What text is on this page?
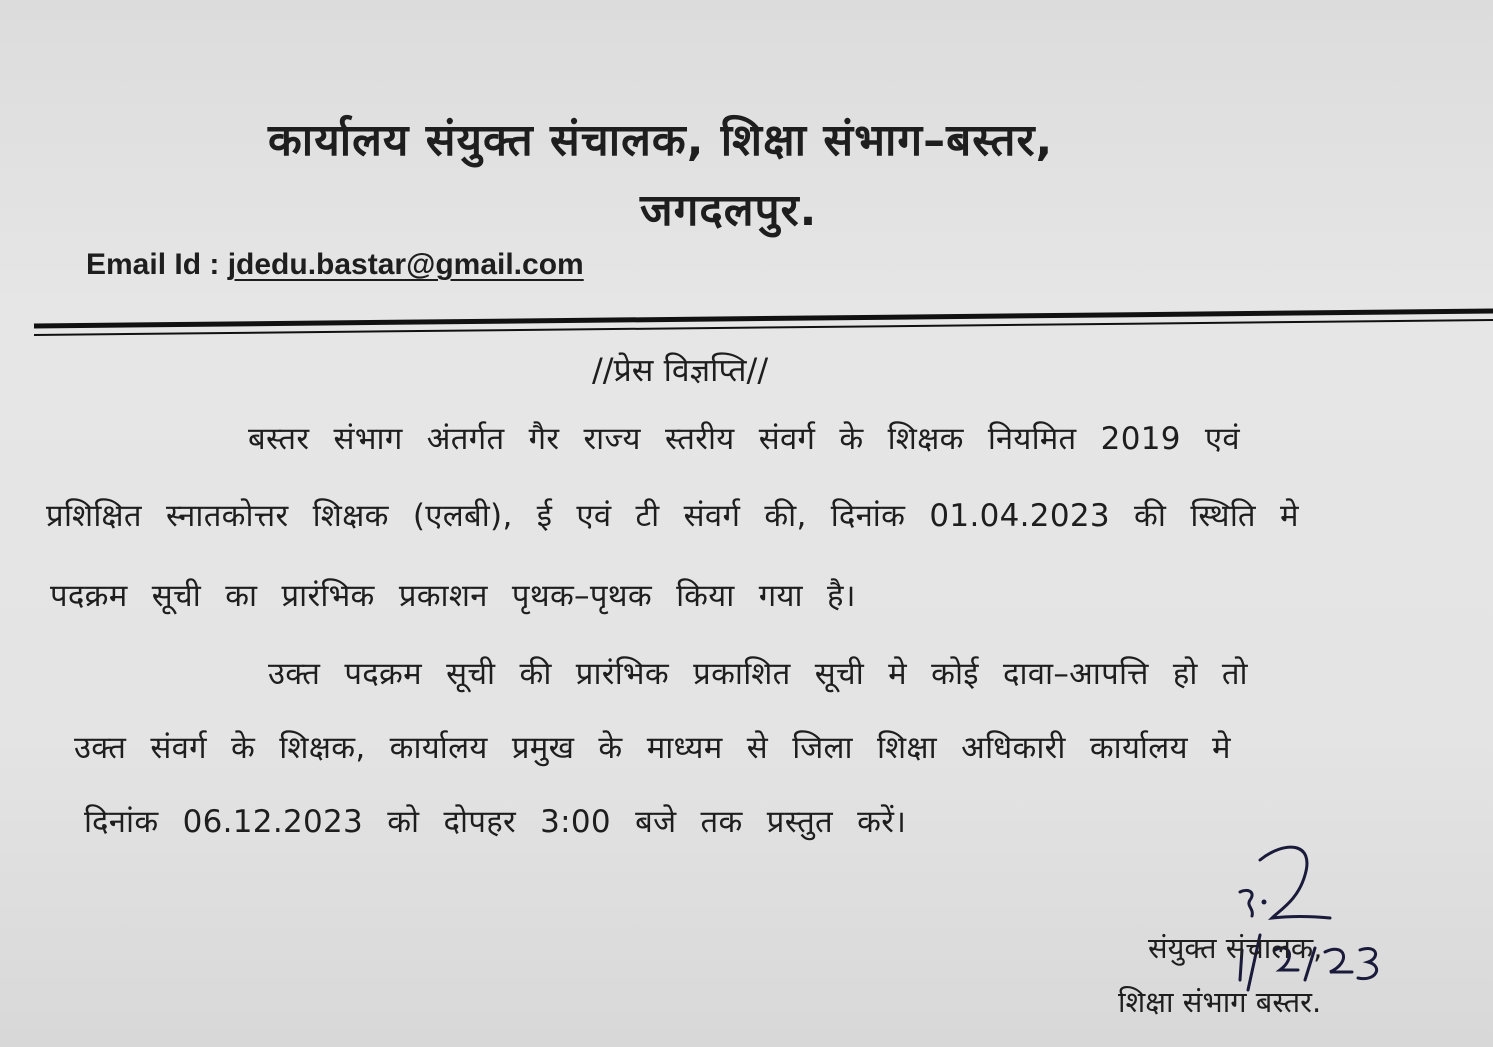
कार्यालय संयुक्त संचालक, शिक्षा संभाग–बस्तर,
जगदलपुर.
Email Id : jdedu.bastar@gmail.com
//प्रेस विज्ञप्ति//
बस्तर संभाग अंतर्गत गैर राज्य स्तरीय संवर्ग के शिक्षक नियमित 2019 एवं
प्रशिक्षित स्नातकोत्तर शिक्षक (एलबी), ई एवं टी संवर्ग की, दिनांक 01.04.2023 की स्थिति मे
पदक्रम सूची का प्रारंभिक प्रकाशन पृथक–पृथक किया गया है।
उक्त पदक्रम सूची की प्रारंभिक प्रकाशित सूची मे कोई दावा–आपत्ति हो तो
उक्त संवर्ग के शिक्षक, कार्यालय प्रमुख के माध्यम से जिला शिक्षा अधिकारी कार्यालय मे
दिनांक 06.12.2023 को दोपहर 3:00 बजे तक प्रस्तुत करें।
संयुक्त संचालक,
शिक्षा संभाग बस्तर.
